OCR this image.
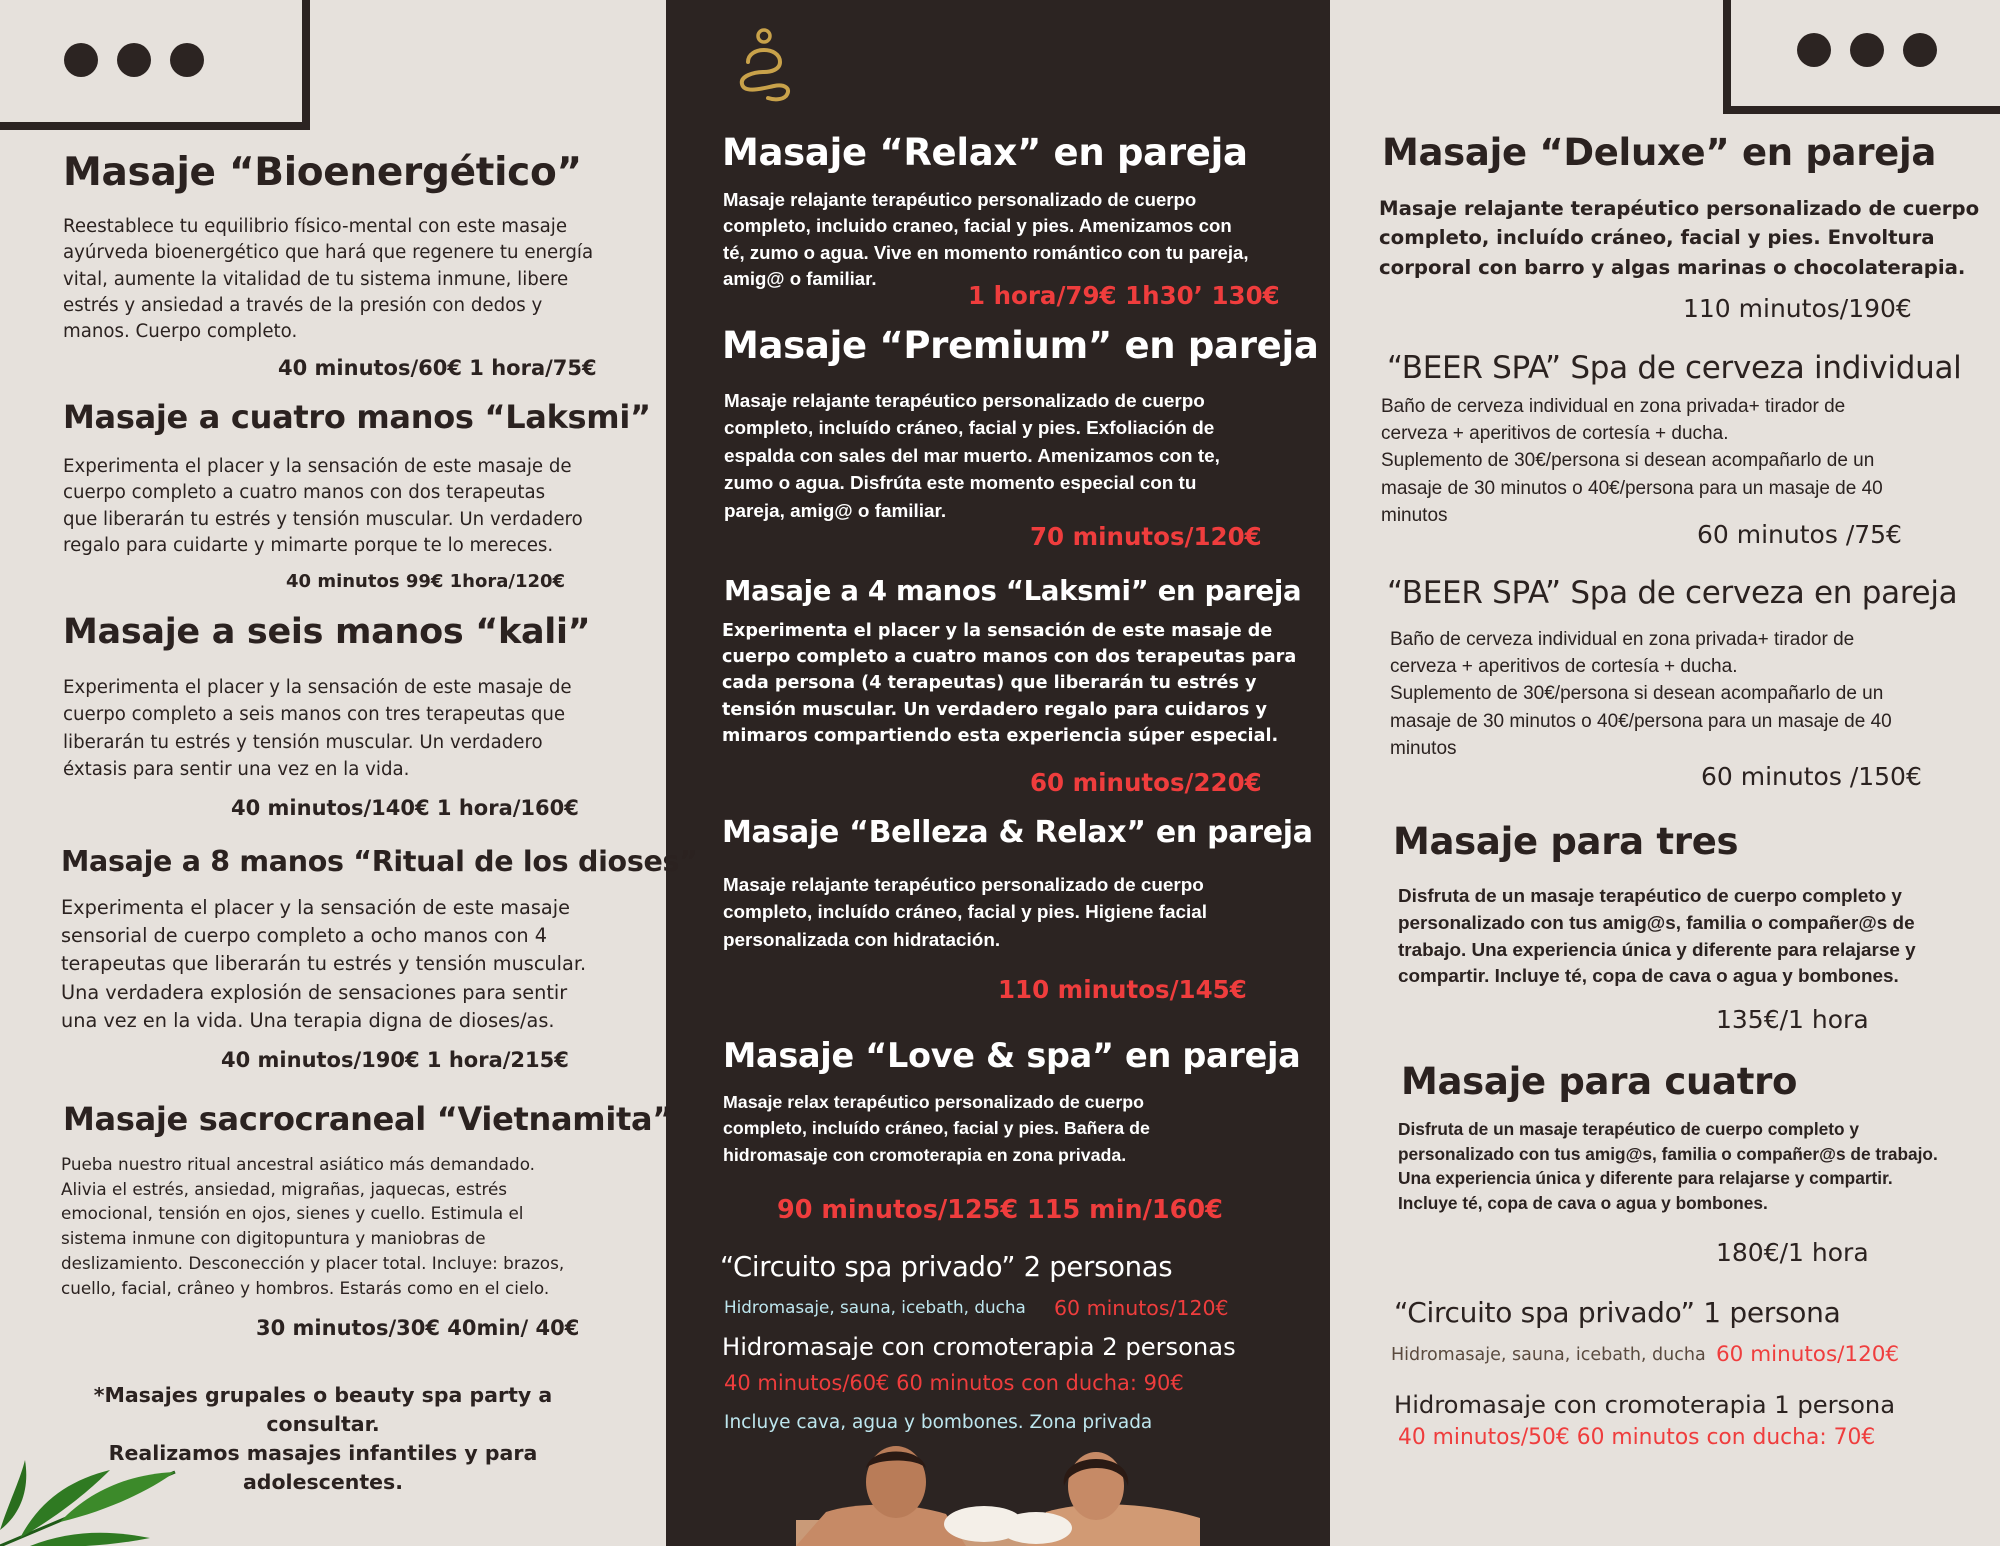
Masaje “Bioenergético”
Reestablece tu equilibrio físico-mental con este masaje
ayúrveda bioenergético que hará que regenere tu energía
vital, aumente la vitalidad de tu sistema inmune, libere
estrés y ansiedad a través de la presión con dedos y
manos. Cuerpo completo.
40 minutos/60€ 1 hora/75€
Masaje a cuatro manos “Laksmi”
Experimenta el placer y la sensación de este masaje de
cuerpo completo a cuatro manos con dos terapeutas
que liberarán tu estrés y tensión muscular. Un verdadero
regalo para cuidarte y mimarte porque te lo mereces.
40 minutos 99€ 1hora/120€
Masaje a seis manos “kali”
Experimenta el placer y la sensación de este masaje de
cuerpo completo a seis manos con tres terapeutas que
liberarán tu estrés y tensión muscular. Un verdadero
éxtasis para sentir una vez en la vida.
40 minutos/140€ 1 hora/160€
Masaje a 8 manos “Ritual de los dioses”
Experimenta el placer y la sensación de este masaje
sensorial de cuerpo completo a ocho manos con 4
terapeutas que liberarán tu estrés y tensión muscular.
Una verdadera explosión de sensaciones para sentir
una vez en la vida. Una terapia digna de dioses/as.
40 minutos/190€ 1 hora/215€
Masaje sacrocraneal “Vietnamita”
Pueba nuestro ritual ancestral asiático más demandado.
Alivia el estrés, ansiedad, migrañas, jaquecas, estrés
emocional, tensión en ojos, sienes y cuello. Estimula el
sistema inmune con digitopuntura y maniobras de
deslizamiento. Desconección y placer total. Incluye: brazos,
cuello, facial, crâneo y hombros. Estarás como en el cielo.
30 minutos/30€ 40min/ 40€
*Masajes grupales o beauty spa party a consultar.
Realizamos masajes infantiles y para adolescentes.
Masaje “Relax” en pareja
Masaje relajante terapéutico personalizado de cuerpo
completo, incluido craneo, facial y pies. Amenizamos con
té, zumo o agua. Vive en momento romántico con tu pareja,
amig@ o familiar.
1 hora/79€ 1h30’ 130€
Masaje “Premium” en pareja
Masaje relajante terapéutico personalizado de cuerpo
completo, incluído cráneo, facial y pies. Exfoliación de
espalda con sales del mar muerto. Amenizamos con te,
zumo o agua. Disfrúta este momento especial con tu
pareja, amig@ o familiar.
70 minutos/120€
Masaje a 4 manos “Laksmi” en pareja
Experimenta el placer y la sensación de este masaje de
cuerpo completo a cuatro manos con dos terapeutas para
cada persona (4 terapeutas) que liberarán tu estrés y
tensión muscular. Un verdadero regalo para cuidaros y
mimaros compartiendo esta experiencia súper especial.
60 minutos/220€
Masaje “Belleza & Relax” en pareja
Masaje relajante terapéutico personalizado de cuerpo
completo, incluído cráneo, facial y pies. Higiene facial
personalizada con hidratación.
110 minutos/145€
Masaje “Love & spa” en pareja
Masaje relax terapéutico personalizado de cuerpo
completo, incluído cráneo, facial y pies. Bañera de
hidromasaje con cromoterapia en zona privada.
90 minutos/125€ 115 min/160€
“Circuito spa privado” 2 personas
Hidromasaje, sauna, icebath, ducha 60 minutos/120€
Hidromasaje con cromoterapia 2 personas
40 minutos/60€ 60 minutos con ducha: 90€
Incluye cava, agua y bombones. Zona privada
Masaje “Deluxe” en pareja
Masaje relajante terapéutico personalizado de cuerpo
completo, incluído cráneo, facial y pies. Envoltura
corporal con barro y algas marinas o chocolaterapia.
110 minutos/190€
“BEER SPA” Spa de cerveza individual
Baño de cerveza individual en zona privada+ tirador de
cerveza + aperitivos de cortesía + ducha.
Suplemento de 30€/persona si desean acompañarlo de un
masaje de 30 minutos o 40€/persona para un masaje de 40
minutos
60 minutos /75€
“BEER SPA” Spa de cerveza en pareja
Baño de cerveza individual en zona privada+ tirador de
cerveza + aperitivos de cortesía + ducha.
Suplemento de 30€/persona si desean acompañarlo de un
masaje de 30 minutos o 40€/persona para un masaje de 40
minutos
60 minutos /150€
Masaje para tres
Disfruta de un masaje terapéutico de cuerpo completo y
personalizado con tus amig@s, familia o compañer@s de
trabajo. Una experiencia única y diferente para relajarse y
compartir. Incluye té, copa de cava o agua y bombones.
135€/1 hora
Masaje para cuatro
Disfruta de un masaje terapéutico de cuerpo completo y
personalizado con tus amig@s, familia o compañer@s de trabajo.
Una experiencia única y diferente para relajarse y compartir.
Incluye té, copa de cava o agua y bombones.
180€/1 hora
“Circuito spa privado” 1 persona
Hidromasaje, sauna, icebath, ducha 60 minutos/120€
Hidromasaje con cromoterapia 1 persona
40 minutos/50€ 60 minutos con ducha: 70€
